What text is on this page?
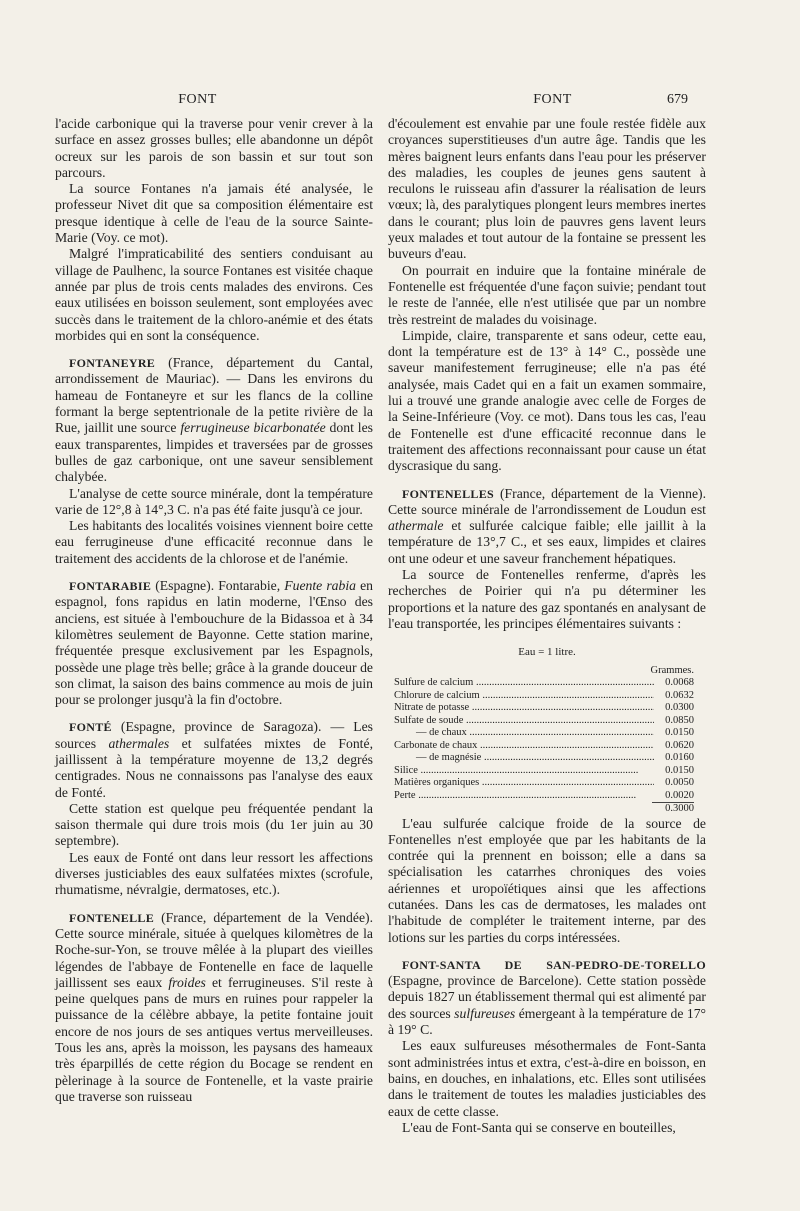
FONT	FONT	679

l'acide carbonique qui la traverse pour venir crever à la surface en assez grosses bulles; elle abandonne un dépôt ocreux sur les parois de son bassin et sur tout son parcours.

La source Fontanes n'a jamais été analysée, le professeur Nivet dit que sa composition élémentaire est presque identique à celle de l'eau de la source Sainte-Marie (Voy. ce mot).

Malgré l'impraticabilité des sentiers conduisant au village de Paulhenc, la source Fontanes est visitée chaque année par plus de trois cents malades des environs. Ces eaux utilisées en boisson seulement, sont employées avec succès dans le traitement de la chloro-anémie et des états morbides qui en sont la conséquence.

FONTANEYRE (France, département du Cantal, arrondissement de Mauriac). — Dans les environs du hameau de Fontaneyre et sur les flancs de la colline formant la berge septentrionale de la petite rivière de la Rue, jaillit une source ferrugineuse bicarbonatée dont les eaux transparentes, limpides et traversées par de grosses bulles de gaz carbonique, ont une saveur sensiblement chalybée.

L'analyse de cette source minérale, dont la température varie de 12°,8 à 14°,3 C. n'a pas été faite jusqu'à ce jour.

Les habitants des localités voisines viennent boire cette eau ferrugineuse d'une efficacité reconnue dans le traitement des accidents de la chlorose et de l'anémie.

FONTARABIE (Espagne). Fontarabie, Fuente rabia en espagnol, fons rapidus en latin moderne, l'Œnso des anciens, est située à l'embouchure de la Bidassoa et à 34 kilomètres seulement de Bayonne. Cette station marine, fréquentée presque exclusivement par les Espagnols, possède une plage très belle; grâce à la grande douceur de son climat, la saison des bains commence au mois de juin pour se prolonger jusqu'à la fin d'octobre.

FONTÉ (Espagne, province de Saragoza). — Les sources athermales et sulfatées mixtes de Fonté, jaillissent à la température moyenne de 13,2 degrés centigrades. Nous ne connaissons pas l'analyse des eaux de Fonté.

Cette station est quelque peu fréquentée pendant la saison thermale qui dure trois mois (du 1er juin au 30 septembre).

Les eaux de Fonté ont dans leur ressort les affections diverses justiciables des eaux sulfatées mixtes (scrofule, rhumatisme, névralgie, dermatoses, etc.).

FONTENELLE (France, département de la Vendée). Cette source minérale, située à quelques kilomètres de la Roche-sur-Yon, se trouve mêlée à la plupart des vieilles légendes de l'abbaye de Fontenelle en face de laquelle jaillissent ses eaux froides et ferrugineuses. S'il reste à peine quelques pans de murs en ruines pour rappeler la puissance de la célèbre abbaye, la petite fontaine jouit encore de nos jours de ses antiques vertus merveilleuses. Tous les ans, après la moisson, les paysans des hameaux très éparpillés de cette région du Bocage se rendent en pèlerinage à la source de Fontenelle, et la vaste prairie que traverse son ruisseau

d'écoulement est envahie par une foule restée fidèle aux croyances superstitieuses d'un autre âge. Tandis que les mères baignent leurs enfants dans l'eau pour les préserver des maladies, les couples de jeunes gens sautent à reculons le ruisseau afin d'assurer la réalisation de leurs vœux; là, des paralytiques plongent leurs membres inertes dans le courant; plus loin de pauvres gens lavent leurs yeux malades et tout autour de la fontaine se pressent les buveurs d'eau.

On pourrait en induire que la fontaine minérale de Fontenelle est fréquentée d'une façon suivie; pendant tout le reste de l'année, elle n'est utilisée que par un nombre très restreint de malades du voisinage.

Limpide, claire, transparente et sans odeur, cette eau, dont la température est de 13° à 14° C., possède une saveur manifestement ferrugineuse; elle n'a pas été analysée, mais Cadet qui en a fait un examen sommaire, lui a trouvé une grande analogie avec celle de Forges de la Seine-Inférieure (Voy. ce mot). Dans tous les cas, l'eau de Fontenelle est d'une efficacité reconnue dans le traitement des affections reconnaissant pour cause un état dyscrasique du sang.

FONTENELLES (France, département de la Vienne). Cette source minérale de l'arrondissement de Loudun est athermale et sulfurée calcique faible; elle jaillit à la température de 13°,7 C., et ses eaux, limpides et claires ont une odeur et une saveur franchement hépatiques.

La source de Fontenelles renferme, d'après les recherches de Poirier qui n'a pu déterminer les proportions et la nature des gaz spontanés en analysant de l'eau transportée, les principes élémentaires suivants :

Eau = 1 litre.
Grammes.
Sulfure de calcium .....	0.0068
Chlorure de calcium .....	0.0632
Nitrate de potasse .....	0.0300
Sulfate de soude .....	0.0850
— de chaux .....	0.0150
Carbonate de chaux .....	0.0620
— de magnésie .....	0.0160
Silice .....	0.0150
Matières organiques .....	0.0050
Perte .....	0.0020
0.3000

L'eau sulfurée calcique froide de la source de Fontenelles n'est employée que par les habitants de la contrée qui la prennent en boisson; elle a dans sa spécialisation les catarrhes chroniques des voies aériennes et uropoïétiques ainsi que les affections cutanées. Dans les cas de dermatoses, les malades ont l'habitude de compléter le traitement interne, par des lotions sur les parties du corps intéressées.

FONT-SANTA DE SAN-PEDRO-DE-TORELLO (Espagne, province de Barcelone). Cette station possède depuis 1827 un établissement thermal qui est alimenté par des sources sulfureuses émergeant à la température de 17° à 19° C.

Les eaux sulfureuses mésothermales de Font-Santa sont administrées intus et extra, c'est-à-dire en boisson, en bains, en douches, en inhalations, etc. Elles sont utilisées dans le traitement de toutes les maladies justiciables des eaux de cette classe.

L'eau de Font-Santa qui se conserve en bouteilles,
